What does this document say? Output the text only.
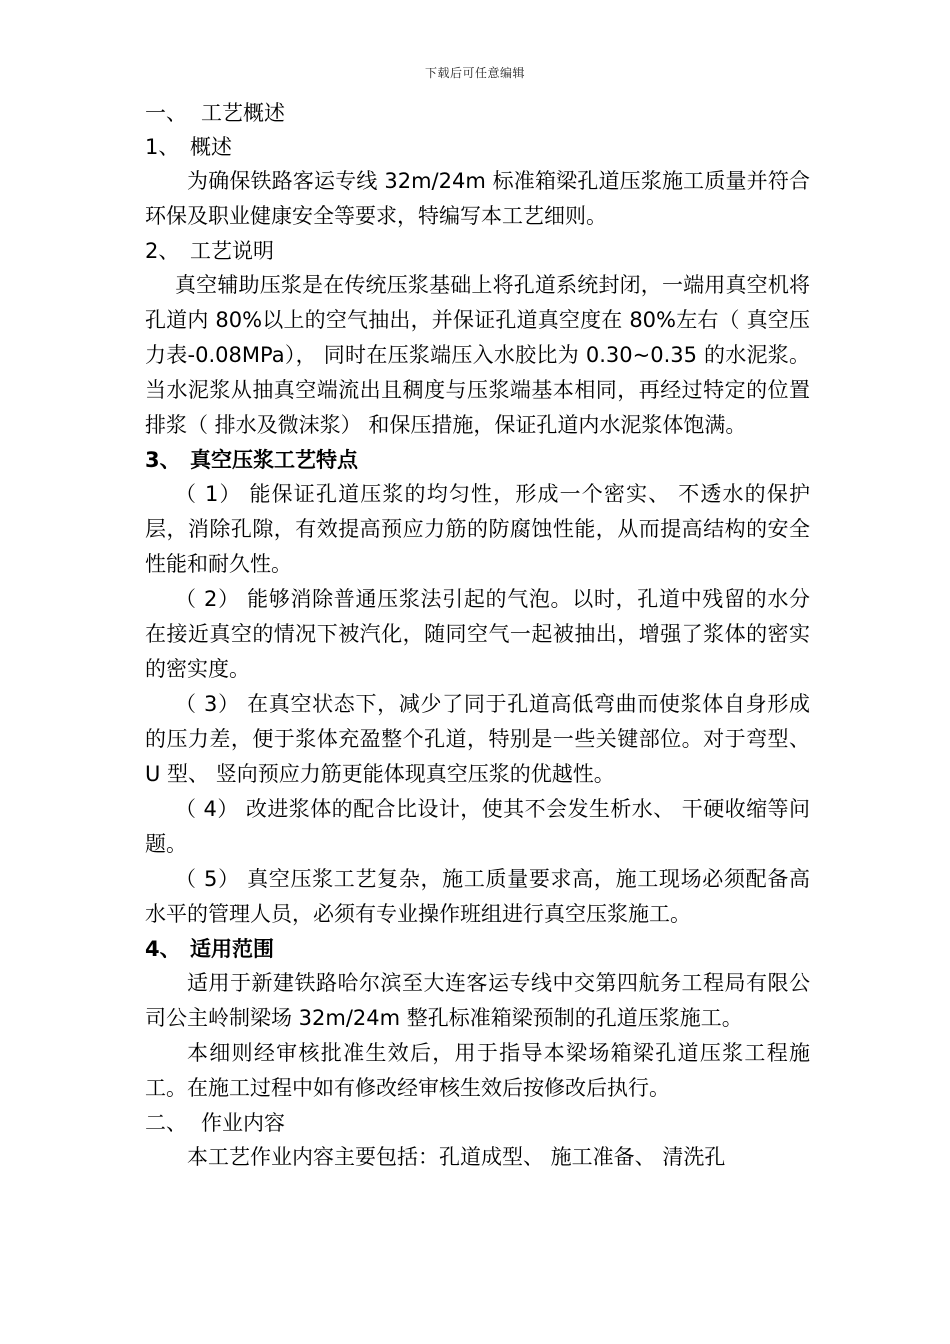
下载后可任意编辑
一、 工艺概述
1、 概述

为确保铁路客运专线 32m/24m 标准箱梁孔道压浆施工质量并符合环保及职业健康安全等要求，特编写本工艺细则。

2、 工艺说明

真空辅助压浆是在传统压浆基础上将孔道系统封闭，一端用真空机将孔道内 80%以上的空气抽出，并保证孔道真空度在 80%左右（ 真空压力表-0.08MPa）， 同时在压浆端压入水胶比为 0.30~0.35 的水泥浆。当水泥浆从抽真空端流出且稠度与压浆端基本相同，再经过特定的位置排浆（ 排水及微沫浆） 和保压措施，保证孔道内水泥浆体饱满。

3、 真空压浆工艺特点

（ 1） 能保证孔道压浆的均匀性，形成一个密实、 不透水的保护层，消除孔隙，有效提高预应力筋的防腐蚀性能，从而提高结构的安全性能和耐久性。

（ 2） 能够消除普通压浆法引起的气泡。以时，孔道中残留的水分在接近真空的情况下被汽化，随同空气一起被抽出，增强了浆体的密实的密实度。

（ 3） 在真空状态下，减少了同于孔道高低弯曲而使浆体自身形成的压力差，便于浆体充盈整个孔道，特别是一些关键部位。对于弯型、 U 型、 竖向预应力筋更能体现真空压浆的优越性。

（ 4） 改进浆体的配合比设计，使其不会发生析水、 干硬收缩等问题。

（ 5） 真空压浆工艺复杂，施工质量要求高，施工现场必须配备高水平的管理人员，必须有专业操作班组进行真空压浆施工。

4、 适用范围

适用于新建铁路哈尔滨至大连客运专线中交第四航务工程局有限公司公主岭制梁场 32m/24m 整孔标准箱梁预制的孔道压浆施工。

本细则经审核批准生效后，用于指导本梁场箱梁孔道压浆工程施工。在施工过程中如有修改经审核生效后按修改后执行。

二、 作业内容

本工艺作业内容主要包括：孔道成型、 施工准备、 清洗孔
